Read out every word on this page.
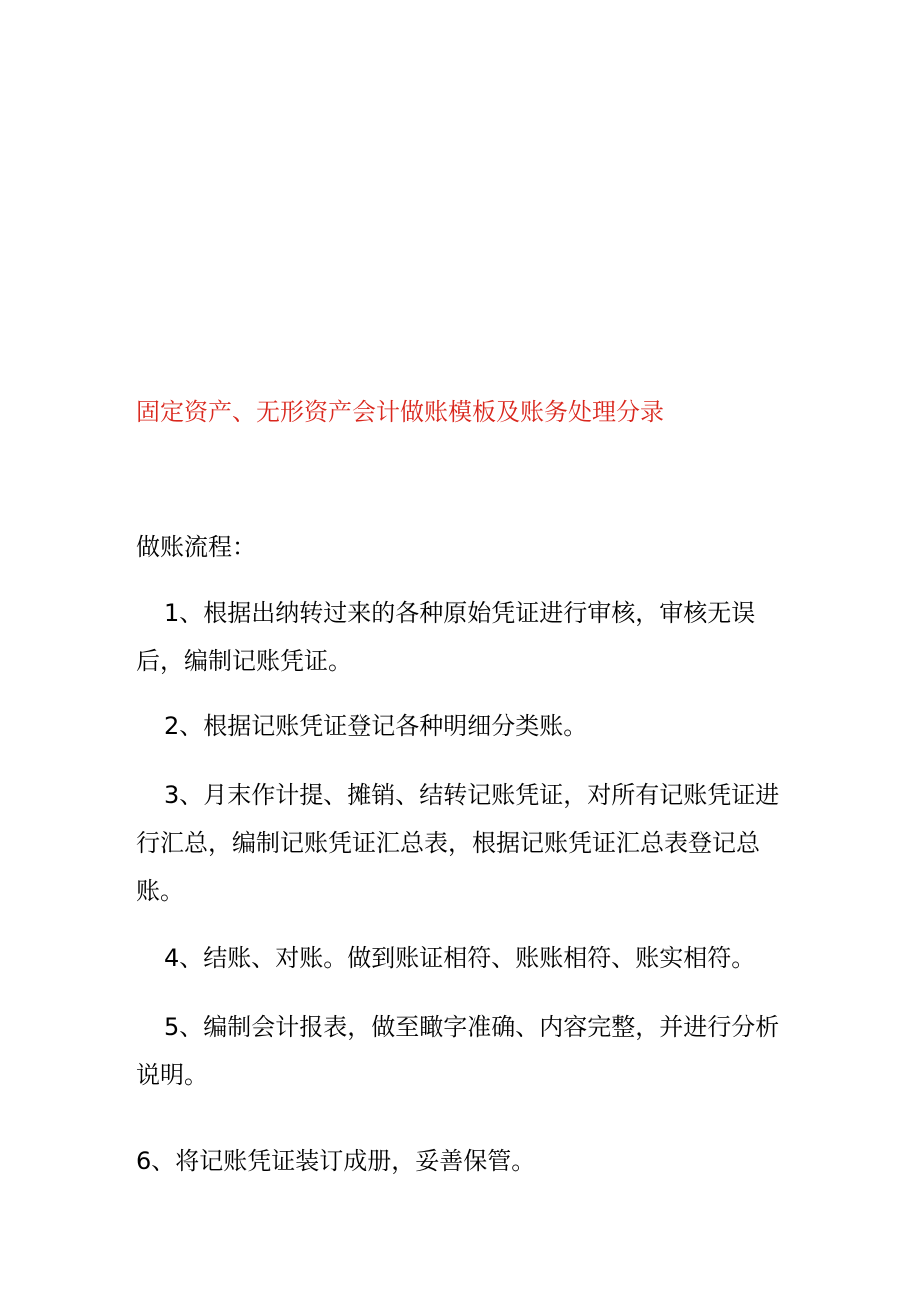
固定资产、无形资产会计做账模板及账务处理分录
做账流程：

1、根据出纳转过来的各种原始凭证进行审核，审核无误后，编制记账凭证。

2、根据记账凭证登记各种明细分类账。

3、月末作计提、摊销、结转记账凭证，对所有记账凭证进行汇总，编制记账凭证汇总表，根据记账凭证汇总表登记总账。

4、结账、对账。做到账证相符、账账相符、账实相符。

5、编制会计报表，做至瞰字准确、内容完整，并进行分析说明。

6、将记账凭证装订成册，妥善保管。
